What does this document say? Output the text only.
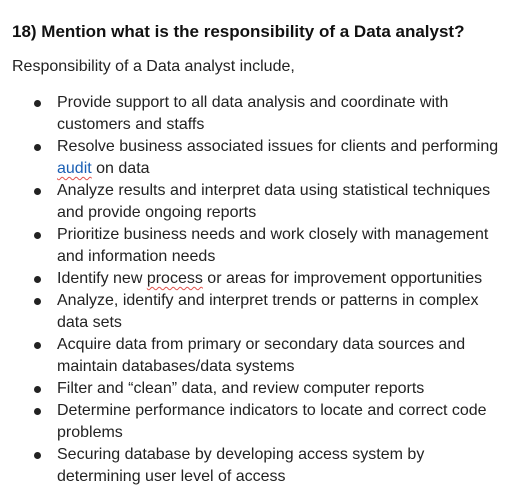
18) Mention what is the responsibility of a Data analyst?

Responsibility of a Data analyst include,

Provide support to all data analysis and coordinate with customers and staffs
Resolve business associated issues for clients and performing audit on data
Analyze results and interpret data using statistical techniques and provide ongoing reports
Prioritize business needs and work closely with management and information needs
Identify new process or areas for improvement opportunities
Analyze, identify and interpret trends or patterns in complex data sets
Acquire data from primary or secondary data sources and maintain databases/data systems
Filter and “clean” data, and review computer reports
Determine performance indicators to locate and correct code problems
Securing database by developing access system by determining user level of access
